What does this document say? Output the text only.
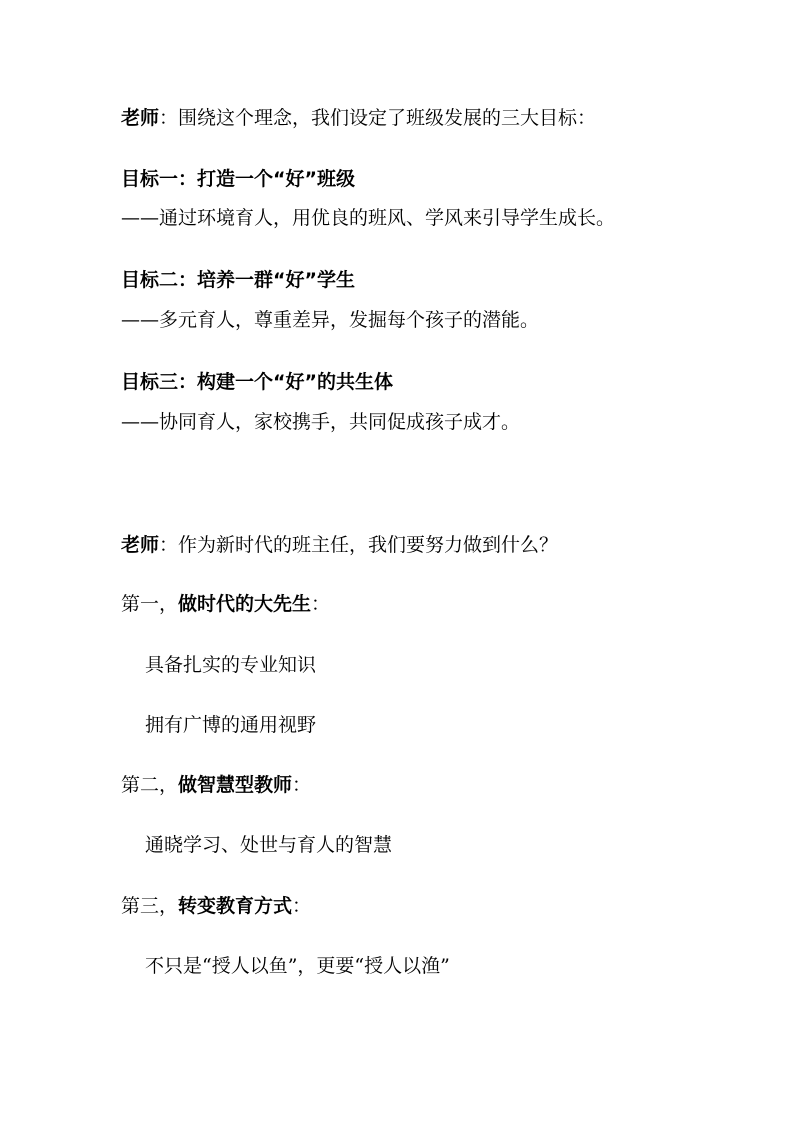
老师：围绕这个理念，我们设定了班级发展的三大目标：
目标一：打造一个“好”班级
——通过环境育人，用优良的班风、学风来引导学生成长。
目标二：培养一群“好”学生
——多元育人，尊重差异，发掘每个孩子的潜能。
目标三：构建一个“好”的共生体
——协同育人，家校携手，共同促成孩子成才。
老师：作为新时代的班主任，我们要努力做到什么？
第一，做时代的大先生：
具备扎实的专业知识
拥有广博的通用视野
第二，做智慧型教师：
通晓学习、处世与育人的智慧
第三，转变教育方式：
不只是“授人以鱼”，更要“授人以渔”
